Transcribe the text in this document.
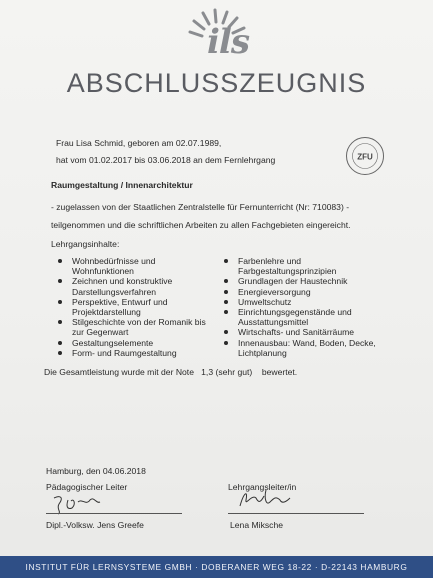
ils
ABSCHLUSSZEUGNIS
ZFU
Frau Lisa Schmid, geboren am 02.07.1989,
hat vom 01.02.2017 bis 03.06.2018 an dem Fernlehrgang
Raumgestaltung / Innenarchitektur
- zugelassen von der Staatlichen Zentralstelle für Fernunterricht (Nr: 710083) -
teilgenommen und die schriftlichen Arbeiten zu allen Fachgebieten eingereicht.
Lehrgangsinhalte:
Wohnbedürfnisse und
Wohnfunktionen
Zeichnen und konstruktive
Darstellungsverfahren
Perspektive, Entwurf und
Projektdarstellung
Stilgeschichte von der Romanik bis
zur Gegenwart
Gestaltungselemente
Form- und Raumgestaltung
Farbenlehre und
Farbgestaltungsprinzipien
Grundlagen der Haustechnik
Energieversorgung
Umweltschutz
Einrichtungsgegenstände und
Ausstattungsmittel
Wirtschafts- und Sanitärräume
Innenausbau: Wand, Boden, Decke,
Lichtplanung
Die Gesamtleistung wurde mit der Note 1,3 (sehr gut) bewertet.
Hamburg, den 04.06.2018
Pädagogischer Leiter
Dipl.-Volksw. Jens Greefe
Lehrgangsleiter/in
Lena Miksche
INSTITUT FÜR LERNSYSTEME GMBH · DOBERANER WEG 18-22 · D-22143 HAMBURG
